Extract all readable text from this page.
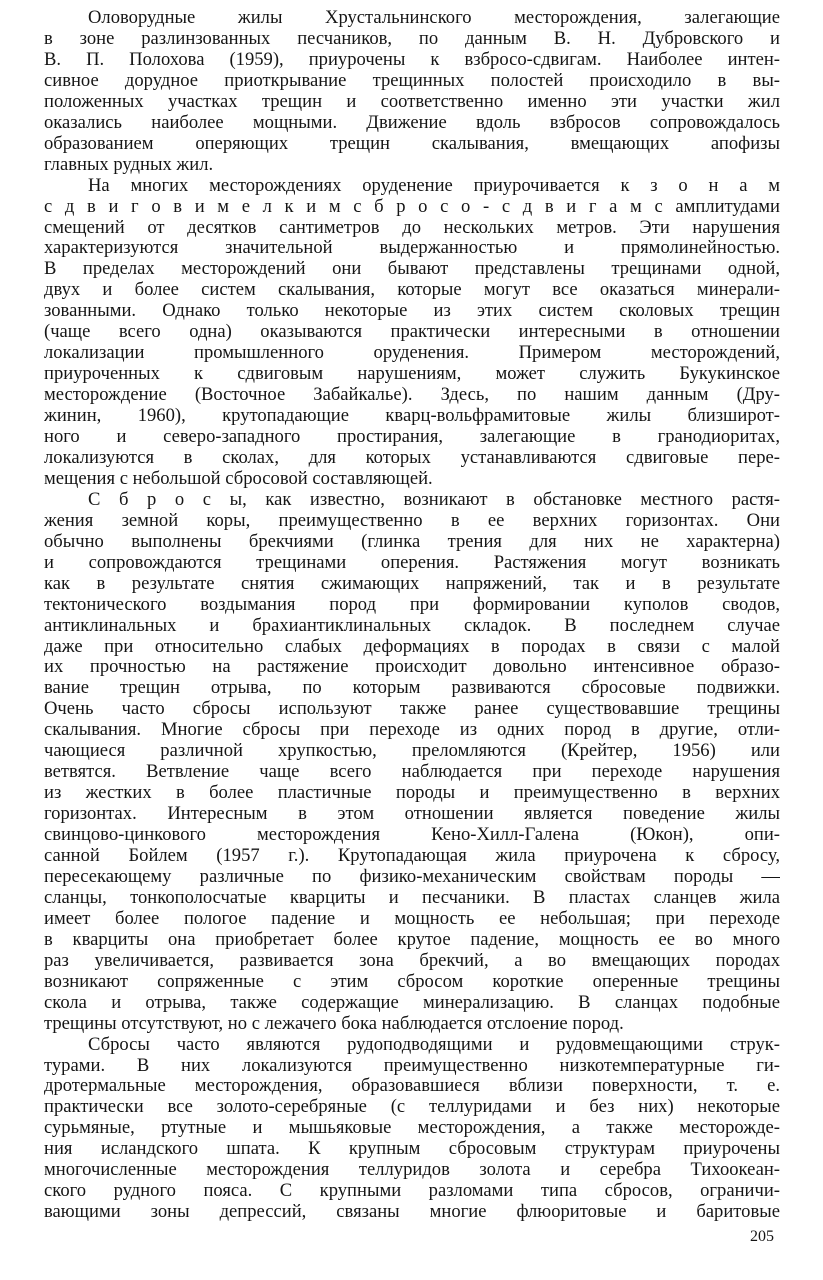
Оловорудные жилы Хрустальнинского месторождения, залегающие
в зоне разлинзованных песчаников, по данным В. Н. Дубровского и
В. П. Полохова (1959), приурочены к взбросо-сдвигам. Наиболее интен-
сивное дорудное приоткрывание трещинных полостей происходило в вы-
положенных участках трещин и соответственно именно эти участки жил
оказались наиболее мощными. Движение вдоль взбросов сопровождалось
образованием оперяющих трещин скалывания, вмещающих апофизы
главных рудных жил.
На многих месторождениях оруденение приурочивается к з о н а м
с д в и г о в и м е л к и м с б р о с о - с д в и г а м с амплитудами
смещений от десятков сантиметров до нескольких метров. Эти нарушения
характеризуются значительной выдержанностью и прямолинейностью.
В пределах месторождений они бывают представлены трещинами одной,
двух и более систем скалывания, которые могут все оказаться минерали-
зованными. Однако только некоторые из этих систем сколовых трещин
(чаще всего одна) оказываются практически интересными в отношении
локализации промышленного оруденения. Примером месторождений,
приуроченных к сдвиговым нарушениям, может служить Букукинское
месторождение (Восточное Забайкалье). Здесь, по нашим данным (Дру-
жинин, 1960), крутопадающие кварц-вольфрамитовые жилы близширот-
ного и северо-западного простирания, залегающие в гранодиоритах,
локализуются в сколах, для которых устанавливаются сдвиговые пере-
мещения с небольшой сбросовой составляющей.
С б р о с ы, как известно, возникают в обстановке местного растя-
жения земной коры, преимущественно в ее верхних горизонтах. Они
обычно выполнены брекчиями (глинка трения для них не характерна)
и сопровождаются трещинами оперения. Растяжения могут возникать
как в результате снятия сжимающих напряжений, так и в результате
тектонического воздымания пород при формировании куполов сводов,
антиклинальных и брахиантиклинальных складок. В последнем случае
даже при относительно слабых деформациях в породах в связи с малой
их прочностью на растяжение происходит довольно интенсивное образо-
вание трещин отрыва, по которым развиваются сбросовые подвижки.
Очень часто сбросы используют также ранее существовавшие трещины
скалывания. Многие сбросы при переходе из одних пород в другие, отли-
чающиеся различной хрупкостью, преломляются (Крейтер, 1956) или
ветвятся. Ветвление чаще всего наблюдается при переходе нарушения
из жестких в более пластичные породы и преимущественно в верхних
горизонтах. Интересным в этом отношении является поведение жилы
свинцово-цинкового месторождения Кено-Хилл-Галена (Юкон), опи-
санной Бойлем (1957 г.). Крутопадающая жила приурочена к сбросу,
пересекающему различные по физико-механическим свойствам породы —
сланцы, тонкополосчатые кварциты и песчаники. В пластах сланцев жила
имеет более пологое падение и мощность ее небольшая; при переходе
в кварциты она приобретает более крутое падение, мощность ее во много
раз увеличивается, развивается зона брекчий, а во вмещающих породах
возникают сопряженные с этим сбросом короткие оперенные трещины
скола и отрыва, также содержащие минерализацию. В сланцах подобные
трещины отсутствуют, но с лежачего бока наблюдается отслоение пород.
Сбросы часто являются рудоподводящими и рудовмещающими струк-
турами. В них локализуются преимущественно низкотемпературные ги-
дротермальные месторождения, образовавшиеся вблизи поверхности, т. е.
практически все золото-серебряные (с теллуридами и без них) некоторые
сурьмяные, ртутные и мышьяковые месторождения, а также месторожде-
ния исландского шпата. К крупным сбросовым структурам приурочены
многочисленные месторождения теллуридов золота и серебра Тихоокеан-
ского рудного пояса. С крупными разломами типа сбросов, ограничи-
вающими зоны депрессий, связаны многие флюоритовые и баритовые
205
